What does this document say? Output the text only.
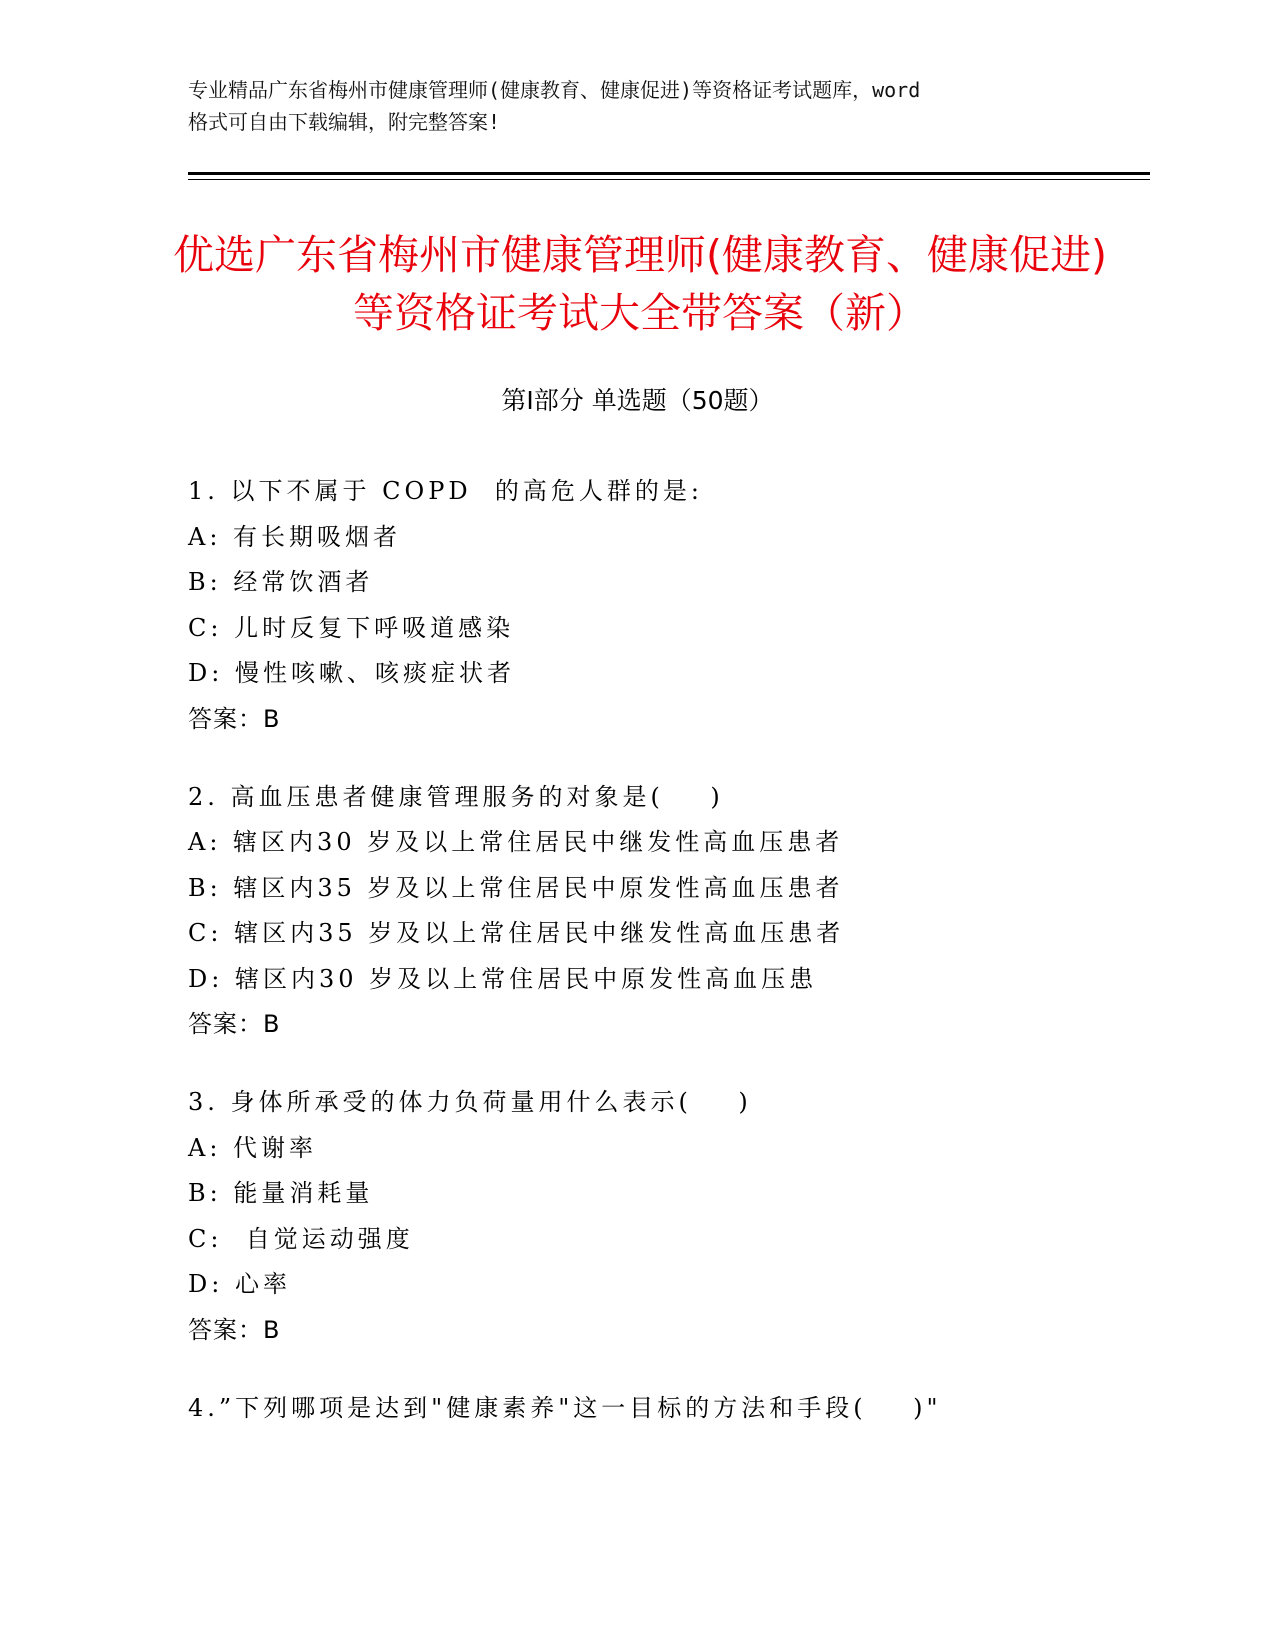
专业精品广东省梅州市健康管理师(健康教育、健康促进)等资格证考试题库，word
格式可自由下载编辑，附完整答案!
优选广东省梅州市健康管理师(健康教育、健康促进)等资格证考试大全带答案（新）
第Ⅰ部分 单选题（50题）
1. 以下不属于 COPD  的高危人群的是:
A: 有长期吸烟者
B: 经常饮酒者
C: 儿时反复下呼吸道感染
D: 慢性咳嗽、咳痰症状者
答案：B
2. 高血压患者健康管理服务的对象是(    )
A: 辖区内30 岁及以上常住居民中继发性高血压患者
B: 辖区内35 岁及以上常住居民中原发性高血压患者
C: 辖区内35 岁及以上常住居民中继发性高血压患者
D: 辖区内30 岁及以上常住居民中原发性高血压患
答案：B
3. 身体所承受的体力负荷量用什么表示(    )
A: 代谢率
B: 能量消耗量
C:  自觉运动强度
D: 心率
答案：B
4.”下列哪项是达到"健康素养"这一目标的方法和手段(    )"
